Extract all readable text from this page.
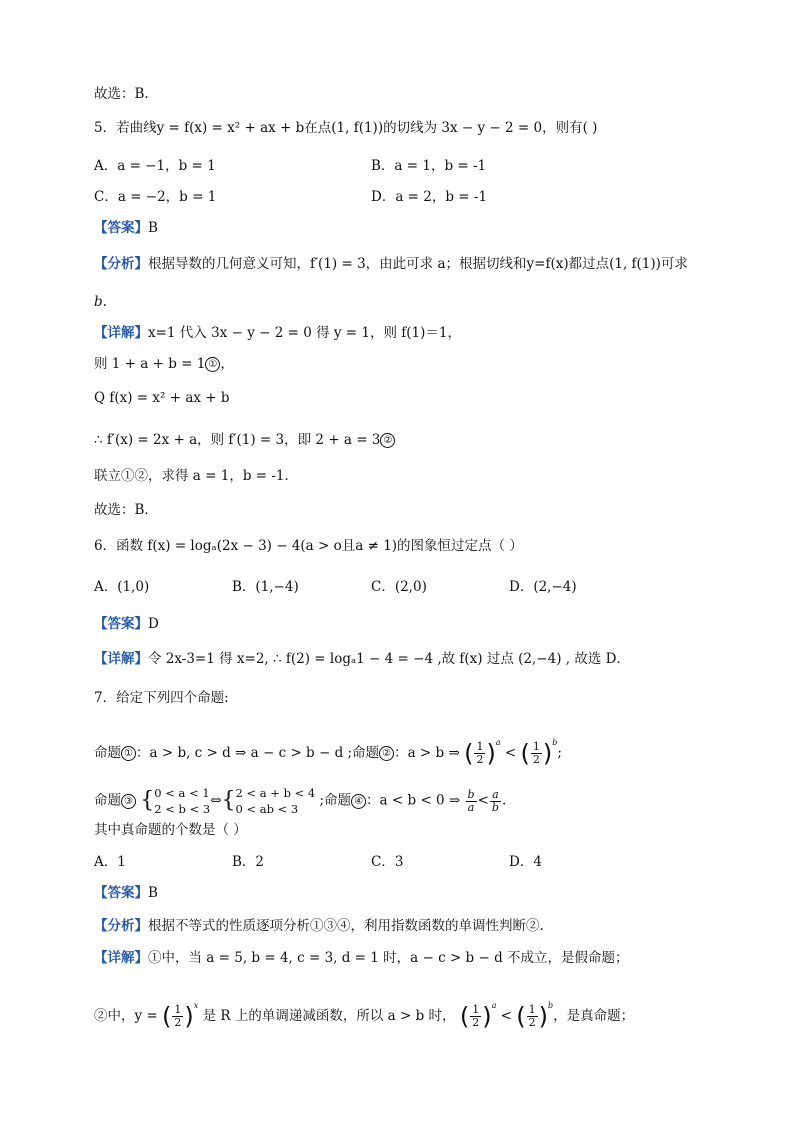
故选：B.
5．若曲线y = f(x) = x² + ax + b在点(1, f(1))的切线为 3x − y − 2 = 0，则有( )
A．a = −1，b = 1	B．a = 1，b = -1
C．a = −2，b = 1	D．a = 2，b = -1
【答案】B
【分析】根据导数的几何意义可知，f′(1) = 3，由此可求 a；根据切线和y=f(x)都过点(1, f(1))可求
b.
【详解】x=1 代入 3x − y − 2 = 0 得 y = 1，则 f(1)＝1，
则 1 + a + b = 1 ① ，
Q f(x) = x² + ax + b
∴ f′(x) = 2x + a，则 f′(1) = 3，即 2 + a = 3 ②
联立①②，求得 a = 1，b = -1．
故选：B．
6．函数 f(x) = logₐ(2x − 3) − 4(a > o且a ≠ 1)的图象恒过定点（ ）
A．(1,0)	B．(1,−4)	C．(2,0)	D．(2,−4)
【答案】D
【详解】令 2x-3=1 得 x=2, ∴ f(2) = logₐ1 − 4 = −4 ,故 f(x) 过点 (2,−4) , 故选 D．
7．给定下列四个命题:
命题 ① ：a > b, c > d ⇒ a − c > b − d ;命题 ② ：a > b ⇒ ( $\frac{1}{2} )^a$ < ( $\frac{1}{2} )^b$;
命题 ③ { 0 < a < 1
2 < b < 3
⇔{ 2 < a + b < 4
0 < ab < 3
;命题 ④ ：a < b < 0 ⇒ $\frac{b}{a} < \frac{a}{b}$ .
其中真命题的个数是（ ）
A．1	B．2	C．3	D．4
【答案】B
【分析】根据不等式的性质逐项分析①③④，利用指数函数的单调性判断②.
【详解】①中，当 a = 5, b = 4, c = 3, d = 1 时，a − c > b − d 不成立，是假命题；
②中，y = ( $\frac{1}{2} )^x$ 是 R 上的单调递减函数，所以 a > b 时， ( $\frac{1}{2} )^a$ < ( $\frac{1}{2} )^b$，是真命题；
